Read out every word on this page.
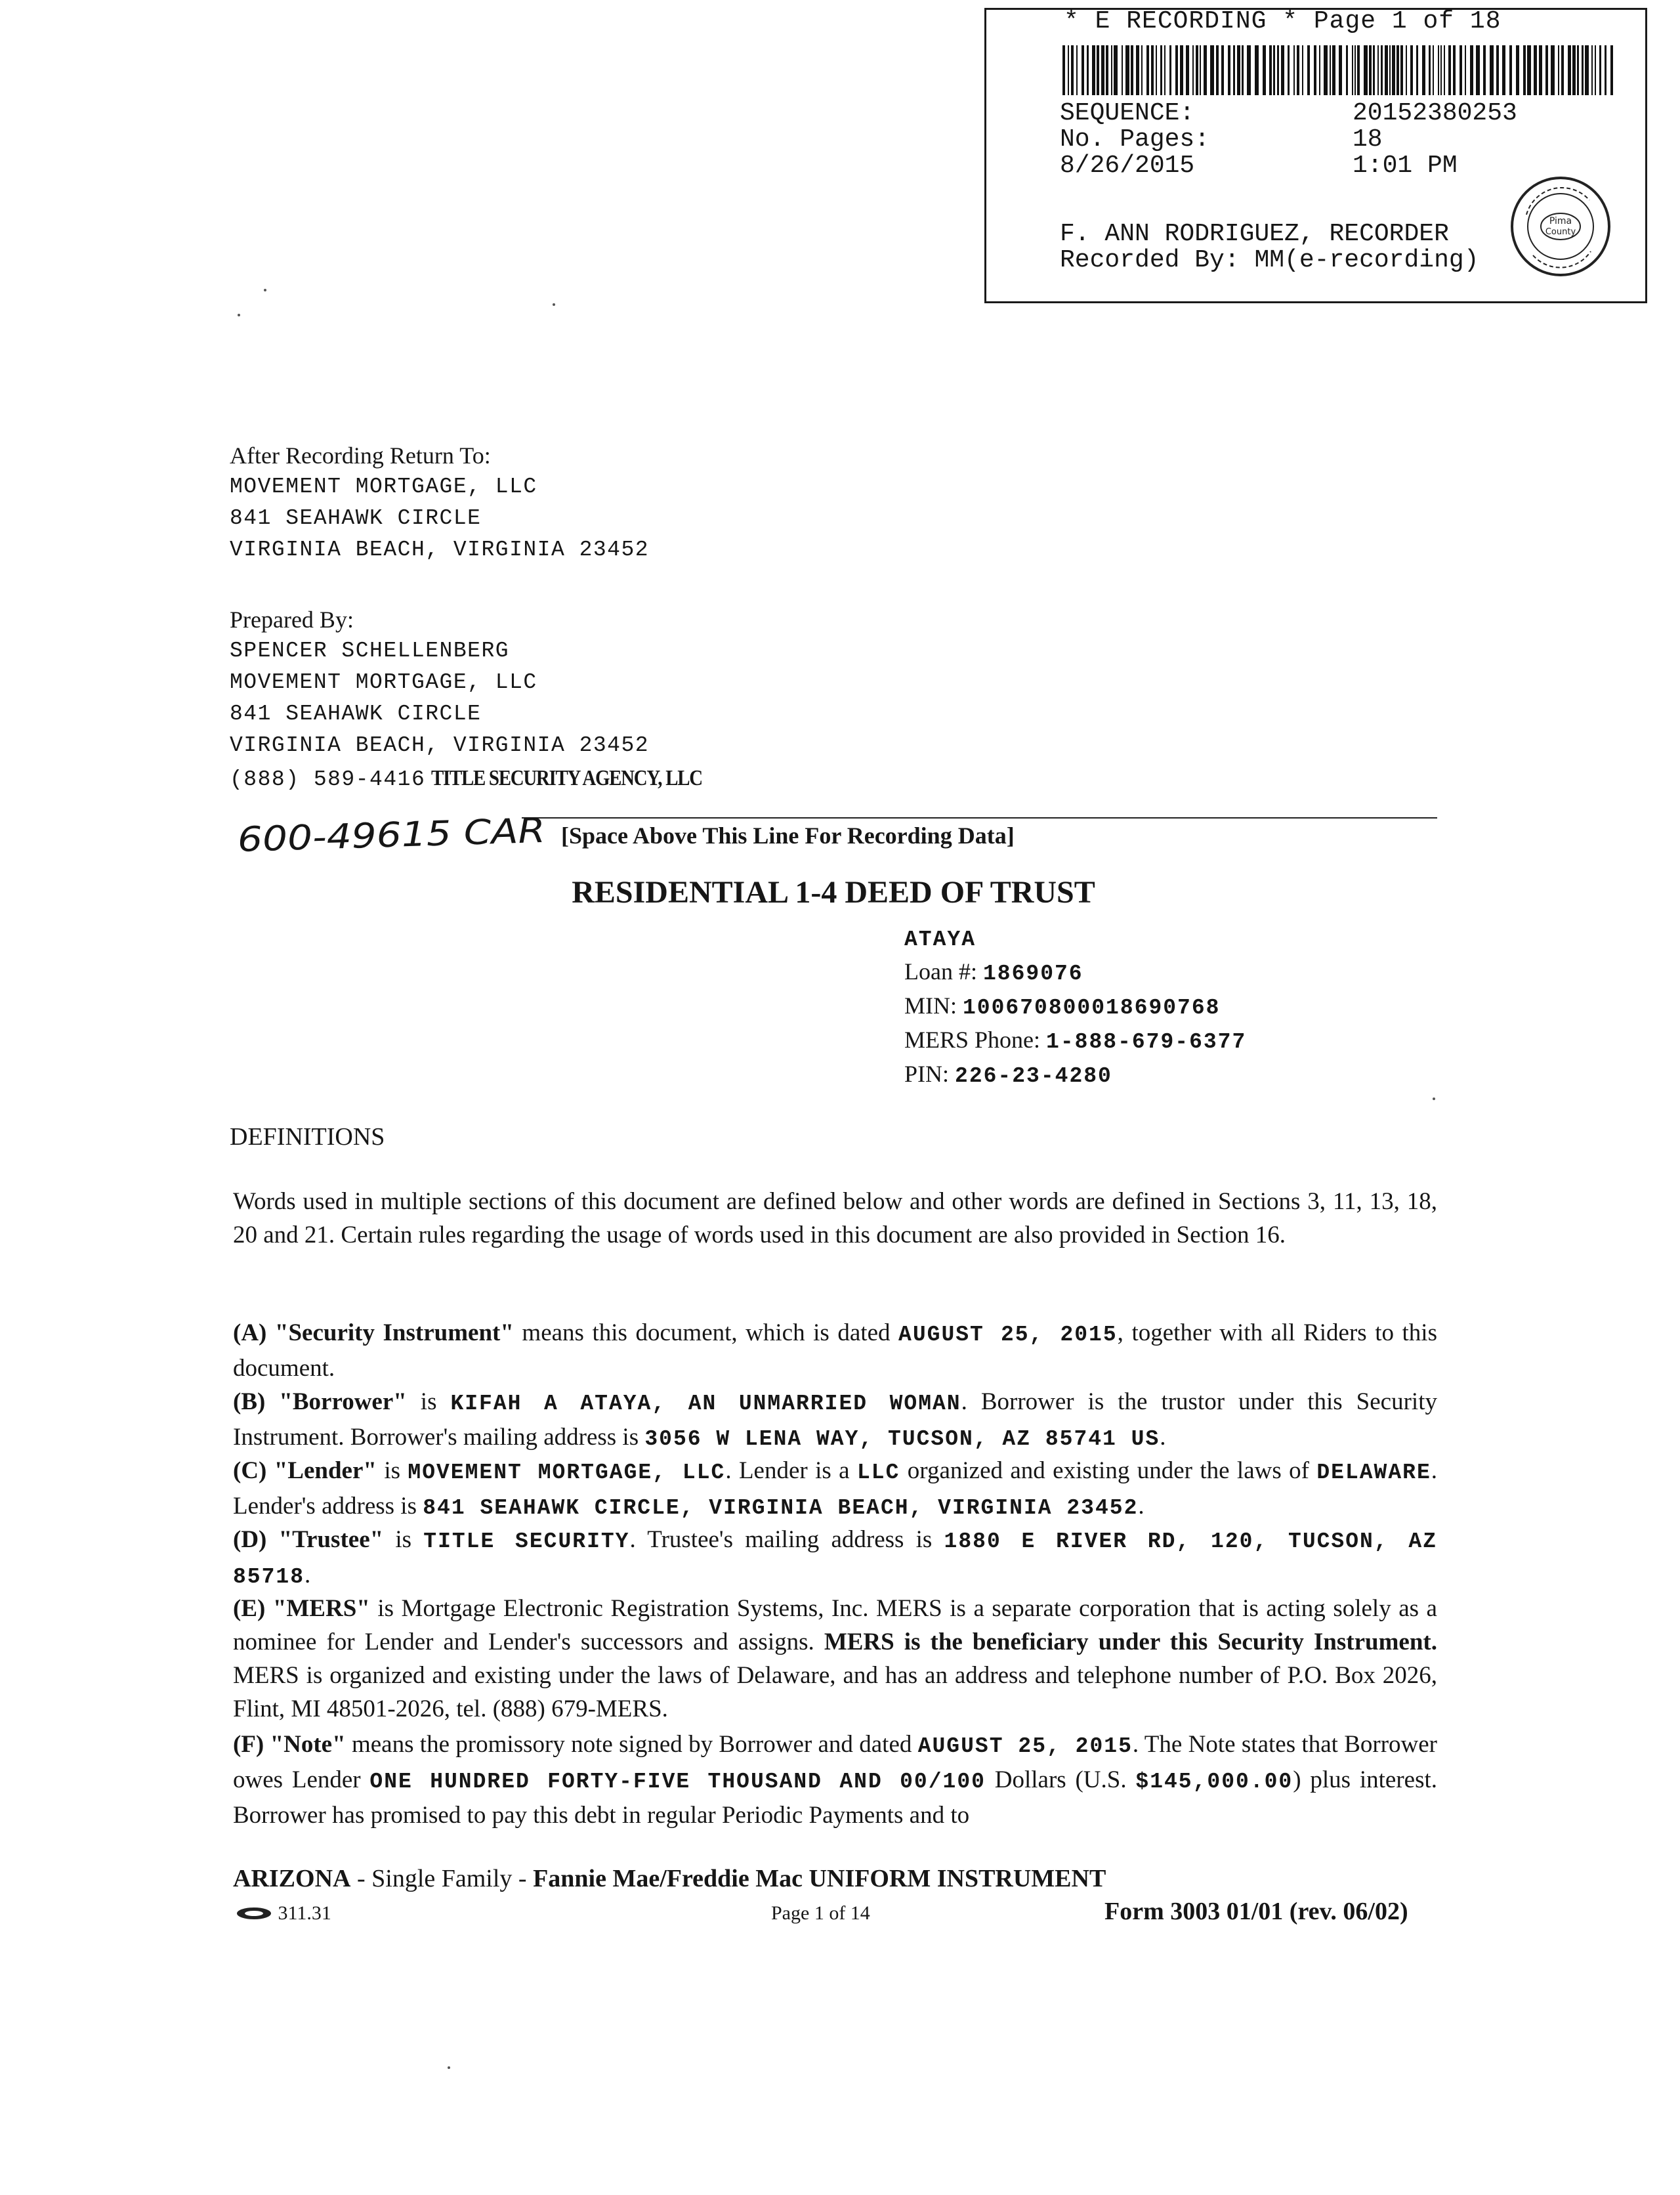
* E RECORDING * Page 1 of 18
SEQUENCE:	20152380253
No. Pages:	18
8/26/2015	1:01 PM
F. ANN RODRIGUEZ, RECORDER
Recorded By: MM(e-recording)
Pima
County
After Recording Return To:
MOVEMENT MORTGAGE, LLC
841 SEAHAWK CIRCLE
VIRGINIA BEACH, VIRGINIA 23452
Prepared By:
SPENCER SCHELLENBERG
MOVEMENT MORTGAGE, LLC
841 SEAHAWK CIRCLE
VIRGINIA BEACH, VIRGINIA 23452
(888) 589-4416 TITLE SECURITY AGENCY, LLC
600-49615 CAR [Space Above This Line For Recording Data]
RESIDENTIAL 1-4 DEED OF TRUST
ATAYA
Loan #: 1869076
MIN: 100670800018690768
MERS Phone: 1-888-679-6377
PIN: 226-23-4280
DEFINITIONS
Words used in multiple sections of this document are defined below and other words are defined in Sections 3, 11, 13, 18, 20 and 21. Certain rules regarding the usage of words used in this document are also provided in Section 16.
(A) "Security Instrument" means this document, which is dated AUGUST 25, 2015, together with all Riders to this document.
(B) "Borrower" is KIFAH A ATAYA, AN UNMARRIED WOMAN. Borrower is the trustor under this Security Instrument. Borrower's mailing address is 3056 W LENA WAY, TUCSON, AZ 85741 US.
(C) "Lender" is MOVEMENT MORTGAGE, LLC. Lender is a LLC organized and existing under the laws of DELAWARE. Lender's address is 841 SEAHAWK CIRCLE, VIRGINIA BEACH, VIRGINIA 23452.
(D) "Trustee" is TITLE SECURITY. Trustee's mailing address is 1880 E RIVER RD, 120, TUCSON, AZ 85718.
(E) "MERS" is Mortgage Electronic Registration Systems, Inc. MERS is a separate corporation that is acting solely as a nominee for Lender and Lender's successors and assigns. MERS is the beneficiary under this Security Instrument. MERS is organized and existing under the laws of Delaware, and has an address and telephone number of P.O. Box 2026, Flint, MI 48501-2026, tel. (888) 679-MERS.
(F) "Note" means the promissory note signed by Borrower and dated AUGUST 25, 2015. The Note states that Borrower owes Lender ONE HUNDRED FORTY-FIVE THOUSAND AND 00/100 Dollars (U.S. $145,000.00) plus interest. Borrower has promised to pay this debt in regular Periodic Payments and to
ARIZONA - Single Family - Fannie Mae/Freddie Mac UNIFORM INSTRUMENT
311.31	Page 1 of 14	Form 3003 01/01 (rev. 06/02)
